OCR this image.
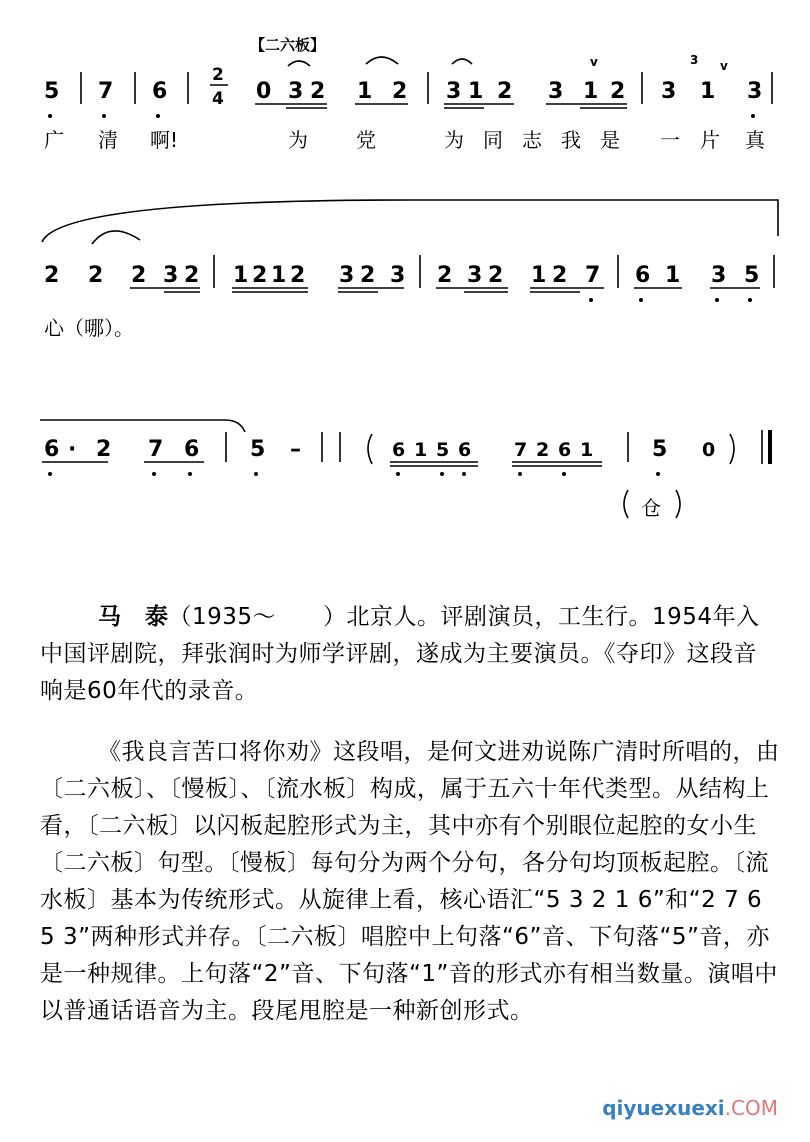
【二六板】
5 7 6
2
4 0 3 2 1 2 3 1 2 3 1 2 3 1 3
v	v
3
2 2 2 3 2 1 2 1 2 3 2 3 2 3 2 1 2 7 6 1 3 5
6 · 2 7 6 5 –	6 1 5 6 7 2 6 1	5 0
广 清 啊!	为 党	为 同 志 我 是 一 片 真
心（哪）。
仓
马　泰（1935～　　）北京人。评剧演员，工生行。1954年入中国评剧院，拜张润时为师学评剧，遂成为主要演员。《夺印》这段音响是60年代的录音。
《我良言苦口将你劝》这段唱，是何文进劝说陈广清时所唱的，由〔二六板〕、〔慢板〕、〔流水板〕构成，属于五六十年代类型。从结构上看，〔二六板〕以闪板起腔形式为主，其中亦有个别眼位起腔的女小生〔二六板〕句型。〔慢板〕每句分为两个分句，各分句均顶板起腔。〔流水板〕基本为传统形式。从旋律上看，核心语汇“5 3 2 1 6”和“2 7 6 5 3”两种形式并存。〔二六板〕唱腔中上句落“6”音、下句落“5”音，亦是一种规律。上句落“2”音、下句落“1”音的形式亦有相当数量。演唱中以普通话语音为主。段尾甩腔是一种新创形式。
qiyuexuexi.COM
